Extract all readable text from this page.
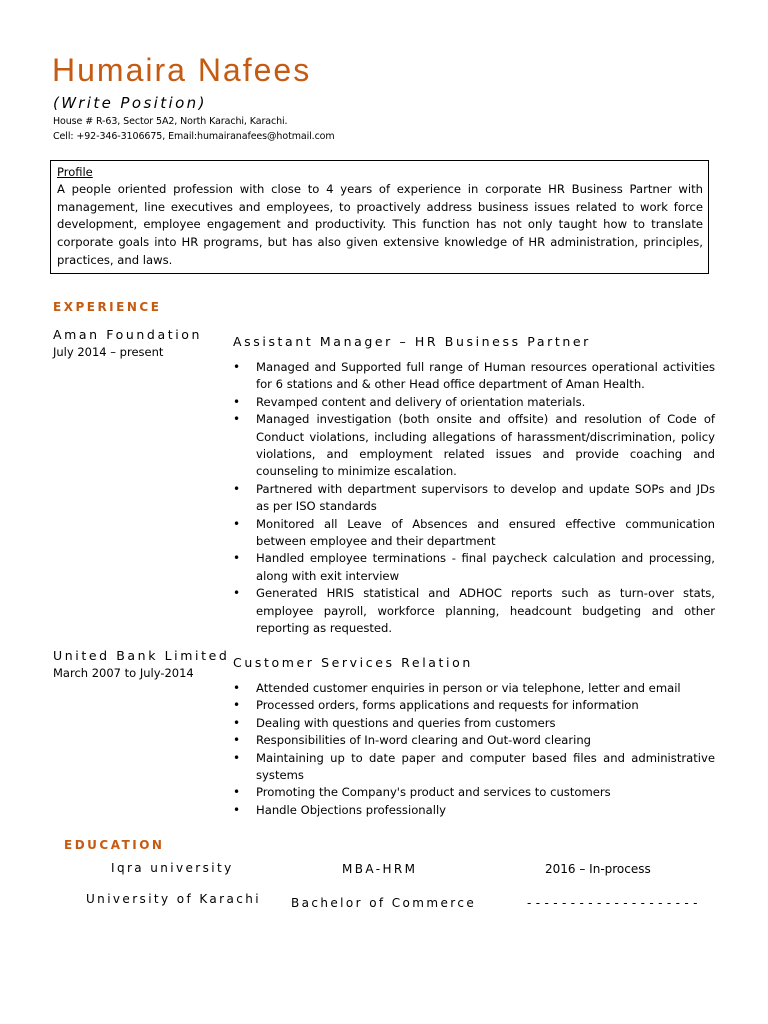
Humaira Nafees
(Write Position)
House # R-63, Sector 5A2, North Karachi, Karachi.
Cell: +92-346-3106675, Email:humairanafees@hotmail.com
Profile
A people oriented profession with close to 4 years of experience in corporate HR Business Partner with management, line executives and employees, to proactively address business issues related to work force development, employee engagement and productivity. This function has not only taught how to translate corporate goals into HR programs, but has also given extensive knowledge of HR administration, principles, practices, and laws.
EXPERIENCE
Aman Foundation
July 2014 – present
Assistant Manager – HR Business Partner
• Managed and Supported full range of Human resources operational activities for 6 stations and & other Head office department of Aman Health.
• Revamped content and delivery of orientation materials.
• Managed investigation (both onsite and offsite) and resolution of Code of Conduct violations, including allegations of harassment/discrimination, policy violations, and employment related issues and provide coaching and counseling to minimize escalation.
• Partnered with department supervisors to develop and update SOPs and JDs as per ISO standards
• Monitored all Leave of Absences and ensured effective communication between employee and their department
• Handled employee terminations - final paycheck calculation and processing, along with exit interview
• Generated HRIS statistical and ADHOC reports such as turn-over stats, employee payroll, workforce planning, headcount budgeting and other reporting as requested.
United Bank Limited
March 2007 to July-2014
Customer Services Relation
• Attended customer enquiries in person or via telephone, letter and email
• Processed orders, forms applications and requests for information
• Dealing with questions and queries from customers
• Responsibilities of In-word clearing and Out-word clearing
• Maintaining up to date paper and computer based files and administrative systems
• Promoting the Company's product and services to customers
• Handle Objections professionally
EDUCATION
Iqra university	MBA-HRM	2016 – In-process
University of Karachi	Bachelor of Commerce	- - - - - - - - - - - - - - - - - - - -
